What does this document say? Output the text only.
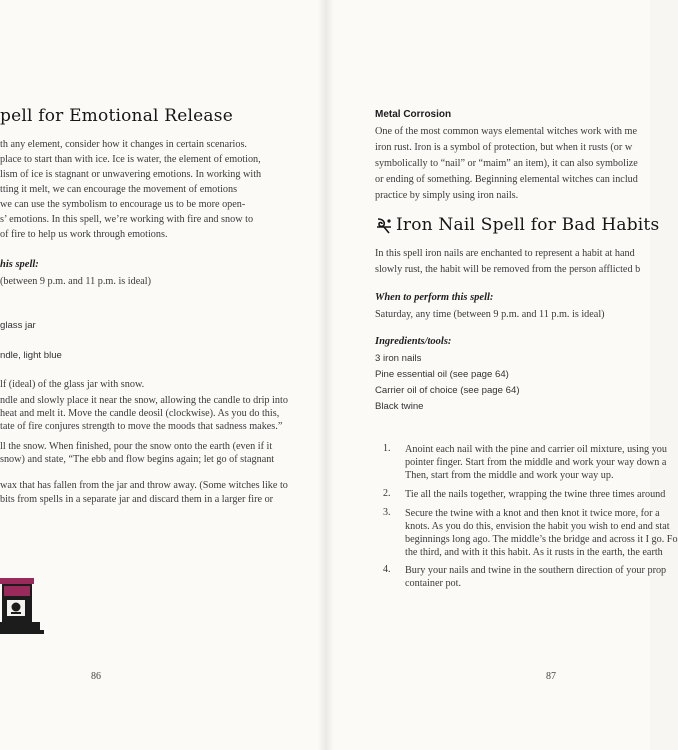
pell for Emotional Release
th any element, consider how it changes in certain scenarios.
place to start than with ice. Ice is water, the element of emotion,
lism of ice is stagnant or unwavering emotions. In working with
tting it melt, we can encourage the movement of emotions
we can use the symbolism to encourage us to be more open-
s’ emotions. In this spell, we’re working with fire and snow to
of fire to help us work through emotions.
his spell:
(between 9 p.m. and 11 p.m. is ideal)
glass jar
ndle, light blue
lf (ideal) of the glass jar with snow.
ndle and slowly place it near the snow, allowing the candle to drip into
heat and melt it. Move the candle deosil (clockwise). As you do this,
tate of fire conjures strength to move the moods that sadness makes.”
ll the snow. When finished, pour the snow onto the earth (even if it
snow) and state, “The ebb and flow begins again; let go of stagnant
wax that has fallen from the jar and throw away. (Some witches like to
bits from spells in a separate jar and discard them in a larger fire or
86
Metal Corrosion
One of the most common ways elemental witches work with me
iron rust. Iron is a symbol of protection, but when it rusts (or w
symbolically to “nail” or “maim” an item), it can also symbolize
or ending of something. Beginning elemental witches can includ
practice by simply using iron nails.
Iron Nail Spell for Bad Habits
In this spell iron nails are enchanted to represent a habit at hand
slowly rust, the habit will be removed from the person afflicted b
When to perform this spell:
Saturday, any time (between 9 p.m. and 11 p.m. is ideal)
Ingredients/tools:
3 iron nails
Pine essential oil (see page 64)
Carrier oil of choice (see page 64)
Black twine
1. Anoint each nail with the pine and carrier oil mixture, using you
pointer finger. Start from the middle and work your way down a
Then, start from the middle and work your way up.
2. Tie all the nails together, wrapping the twine three times around
3. Secure the twine with a knot and then knot it twice more, for a
knots. As you do this, envision the habit you wish to end and stat
beginnings long ago. The middle’s the bridge and across it I go. Fo
the third, and with it this habit. As it rusts in the earth, the earth
4. Bury your nails and twine in the southern direction of your prop
container pot.
87
